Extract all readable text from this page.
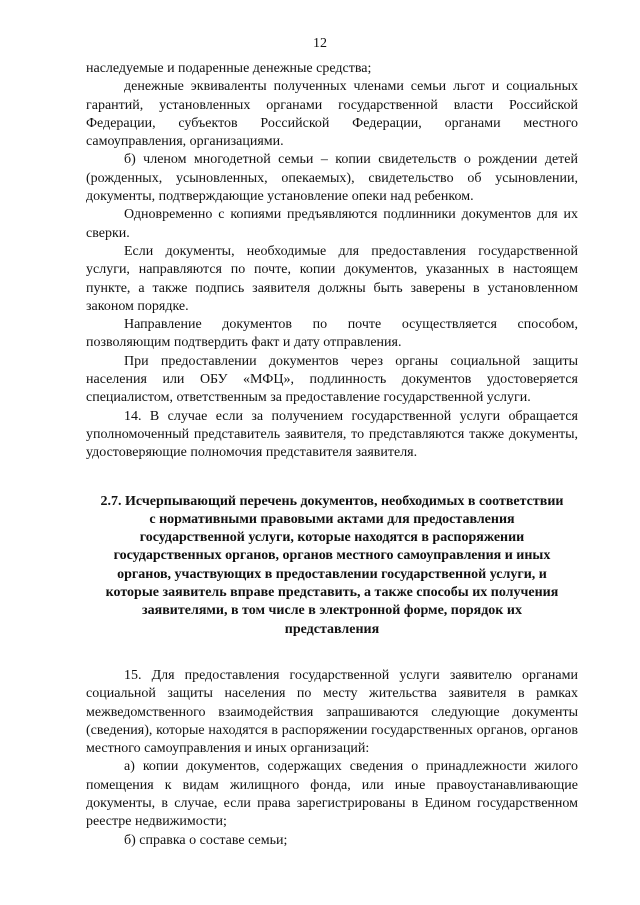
12

наследуемые и подаренные денежные средства;

денежные эквиваленты полученных членами семьи льгот и социальных гарантий, установленных органами государственной власти Российской Федерации, субъектов Российской Федерации, органами местного самоуправления, организациями.

б) членом многодетной семьи – копии свидетельств о рождении детей (рожденных, усыновленных, опекаемых), свидетельство об усыновлении, документы, подтверждающие установление опеки над ребенком.

Одновременно с копиями предъявляются подлинники документов для их сверки.

Если документы, необходимые для предоставления государственной услуги, направляются по почте, копии документов, указанных в настоящем пункте, а также подпись заявителя должны быть заверены в установленном законом порядке.

Направление документов по почте осуществляется способом, позволяющим подтвердить факт и дату отправления.

При предоставлении документов через органы социальной защиты населения или ОБУ «МФЦ», подлинность документов удостоверяется специалистом, ответственным за предоставление государственной услуги.

14. В случае если за получением государственной услуги обращается уполномоченный представитель заявителя, то представляются также документы, удостоверяющие полномочия представителя заявителя.

2.7. Исчерпывающий перечень документов, необходимых в соответствии с нормативными правовыми актами для предоставления государственной услуги, которые находятся в распоряжении государственных органов, органов местного самоуправления и иных органов, участвующих в предоставлении государственной услуги, и которые заявитель вправе представить, а также способы их получения заявителями, в том числе в электронной форме, порядок их представления

15. Для предоставления государственной услуги заявителю органами социальной защиты населения по месту жительства заявителя в рамках межведомственного взаимодействия запрашиваются следующие документы (сведения), которые находятся в распоряжении государственных органов, органов местного самоуправления и иных организаций:

а) копии документов, содержащих сведения о принадлежности жилого помещения к видам жилищного фонда, или иные правоустанавливающие документы, в случае, если права зарегистрированы в Едином государственном реестре недвижимости;

б) справка о составе семьи;
